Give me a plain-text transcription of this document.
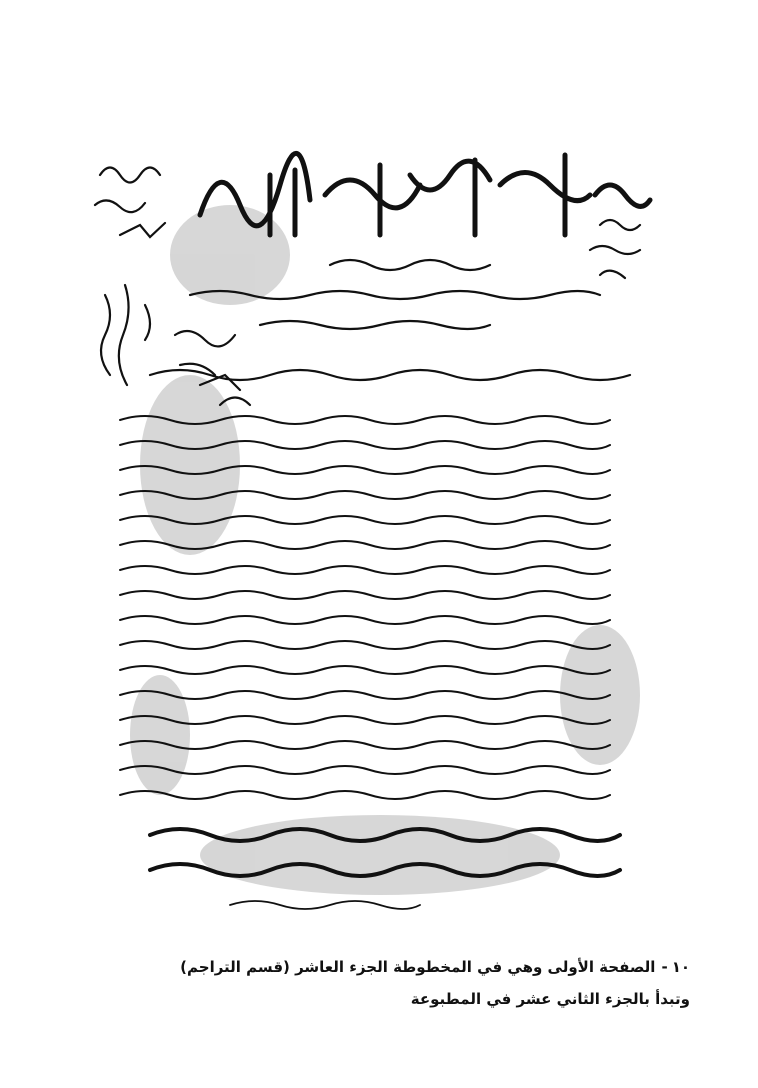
١٠-الصفحة الأولى وهي في المخطوطة الجزء العاشر (قسم التراجم)
وتبدأ بالجزء الثاني عشر في المطبوعة
